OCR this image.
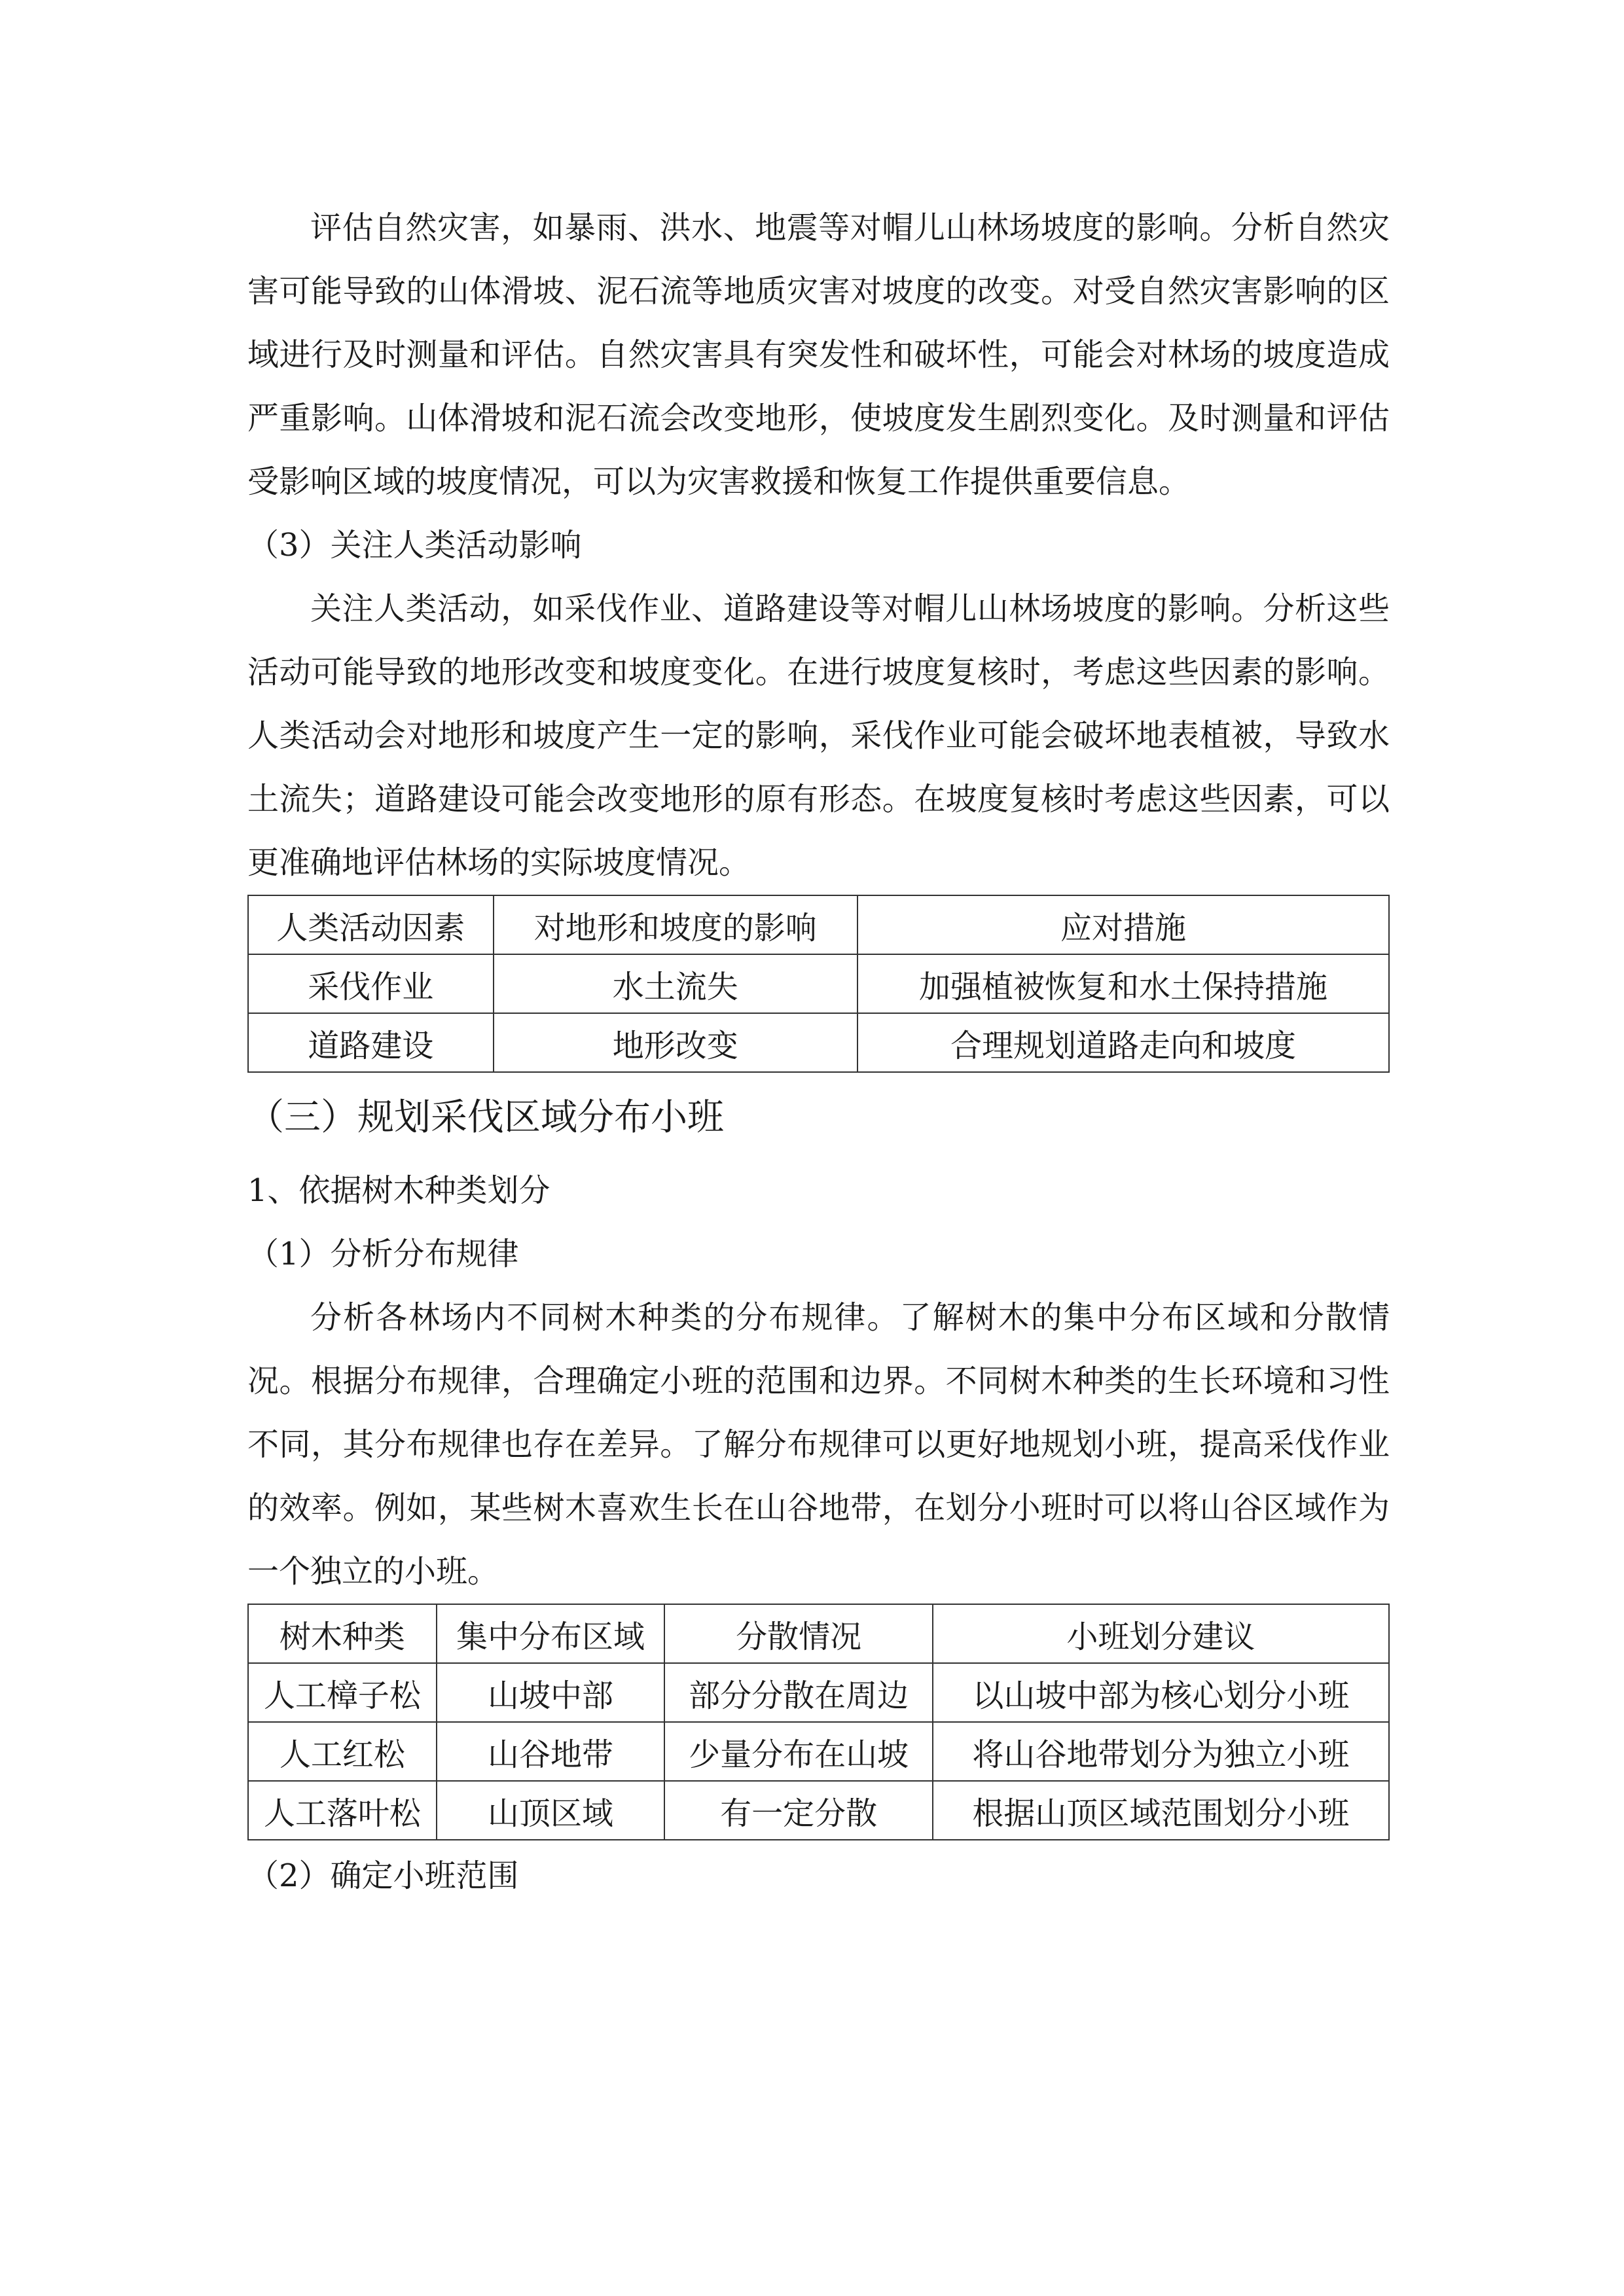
评估自然灾害，如暴雨、洪水、地震等对帽儿山林场坡度的影响。分析自然灾害可能导致的山体滑坡、泥石流等地质灾害对坡度的改变。对受自然灾害影响的区域进行及时测量和评估。自然灾害具有突发性和破坏性，可能会对林场的坡度造成严重影响。山体滑坡和泥石流会改变地形，使坡度发生剧烈变化。及时测量和评估受影响区域的坡度情况，可以为灾害救援和恢复工作提供重要信息。

（3）关注人类活动影响

关注人类活动，如采伐作业、道路建设等对帽儿山林场坡度的影响。分析这些活动可能导致的地形改变和坡度变化。在进行坡度复核时，考虑这些因素的影响。人类活动会对地形和坡度产生一定的影响，采伐作业可能会破坏地表植被，导致水土流失；道路建设可能会改变地形的原有形态。在坡度复核时考虑这些因素，可以更准确地评估林场的实际坡度情况。

人类活动因素	对地形和坡度的影响	应对措施
采伐作业	水土流失	加强植被恢复和水土保持措施
道路建设	地形改变	合理规划道路走向和坡度

（三）规划采伐区域分布小班

1、依据树木种类划分

（1）分析分布规律

分析各林场内不同树木种类的分布规律。了解树木的集中分布区域和分散情况。根据分布规律，合理确定小班的范围和边界。不同树木种类的生长环境和习性不同，其分布规律也存在差异。了解分布规律可以更好地规划小班，提高采伐作业的效率。例如，某些树木喜欢生长在山谷地带，在划分小班时可以将山谷区域作为一个独立的小班。

树木种类	集中分布区域	分散情况	小班划分建议
人工樟子松	山坡中部	部分分散在周边	以山坡中部为核心划分小班
人工红松	山谷地带	少量分布在山坡	将山谷地带划分为独立小班
人工落叶松	山顶区域	有一定分散	根据山顶区域范围划分小班

（2）确定小班范围
